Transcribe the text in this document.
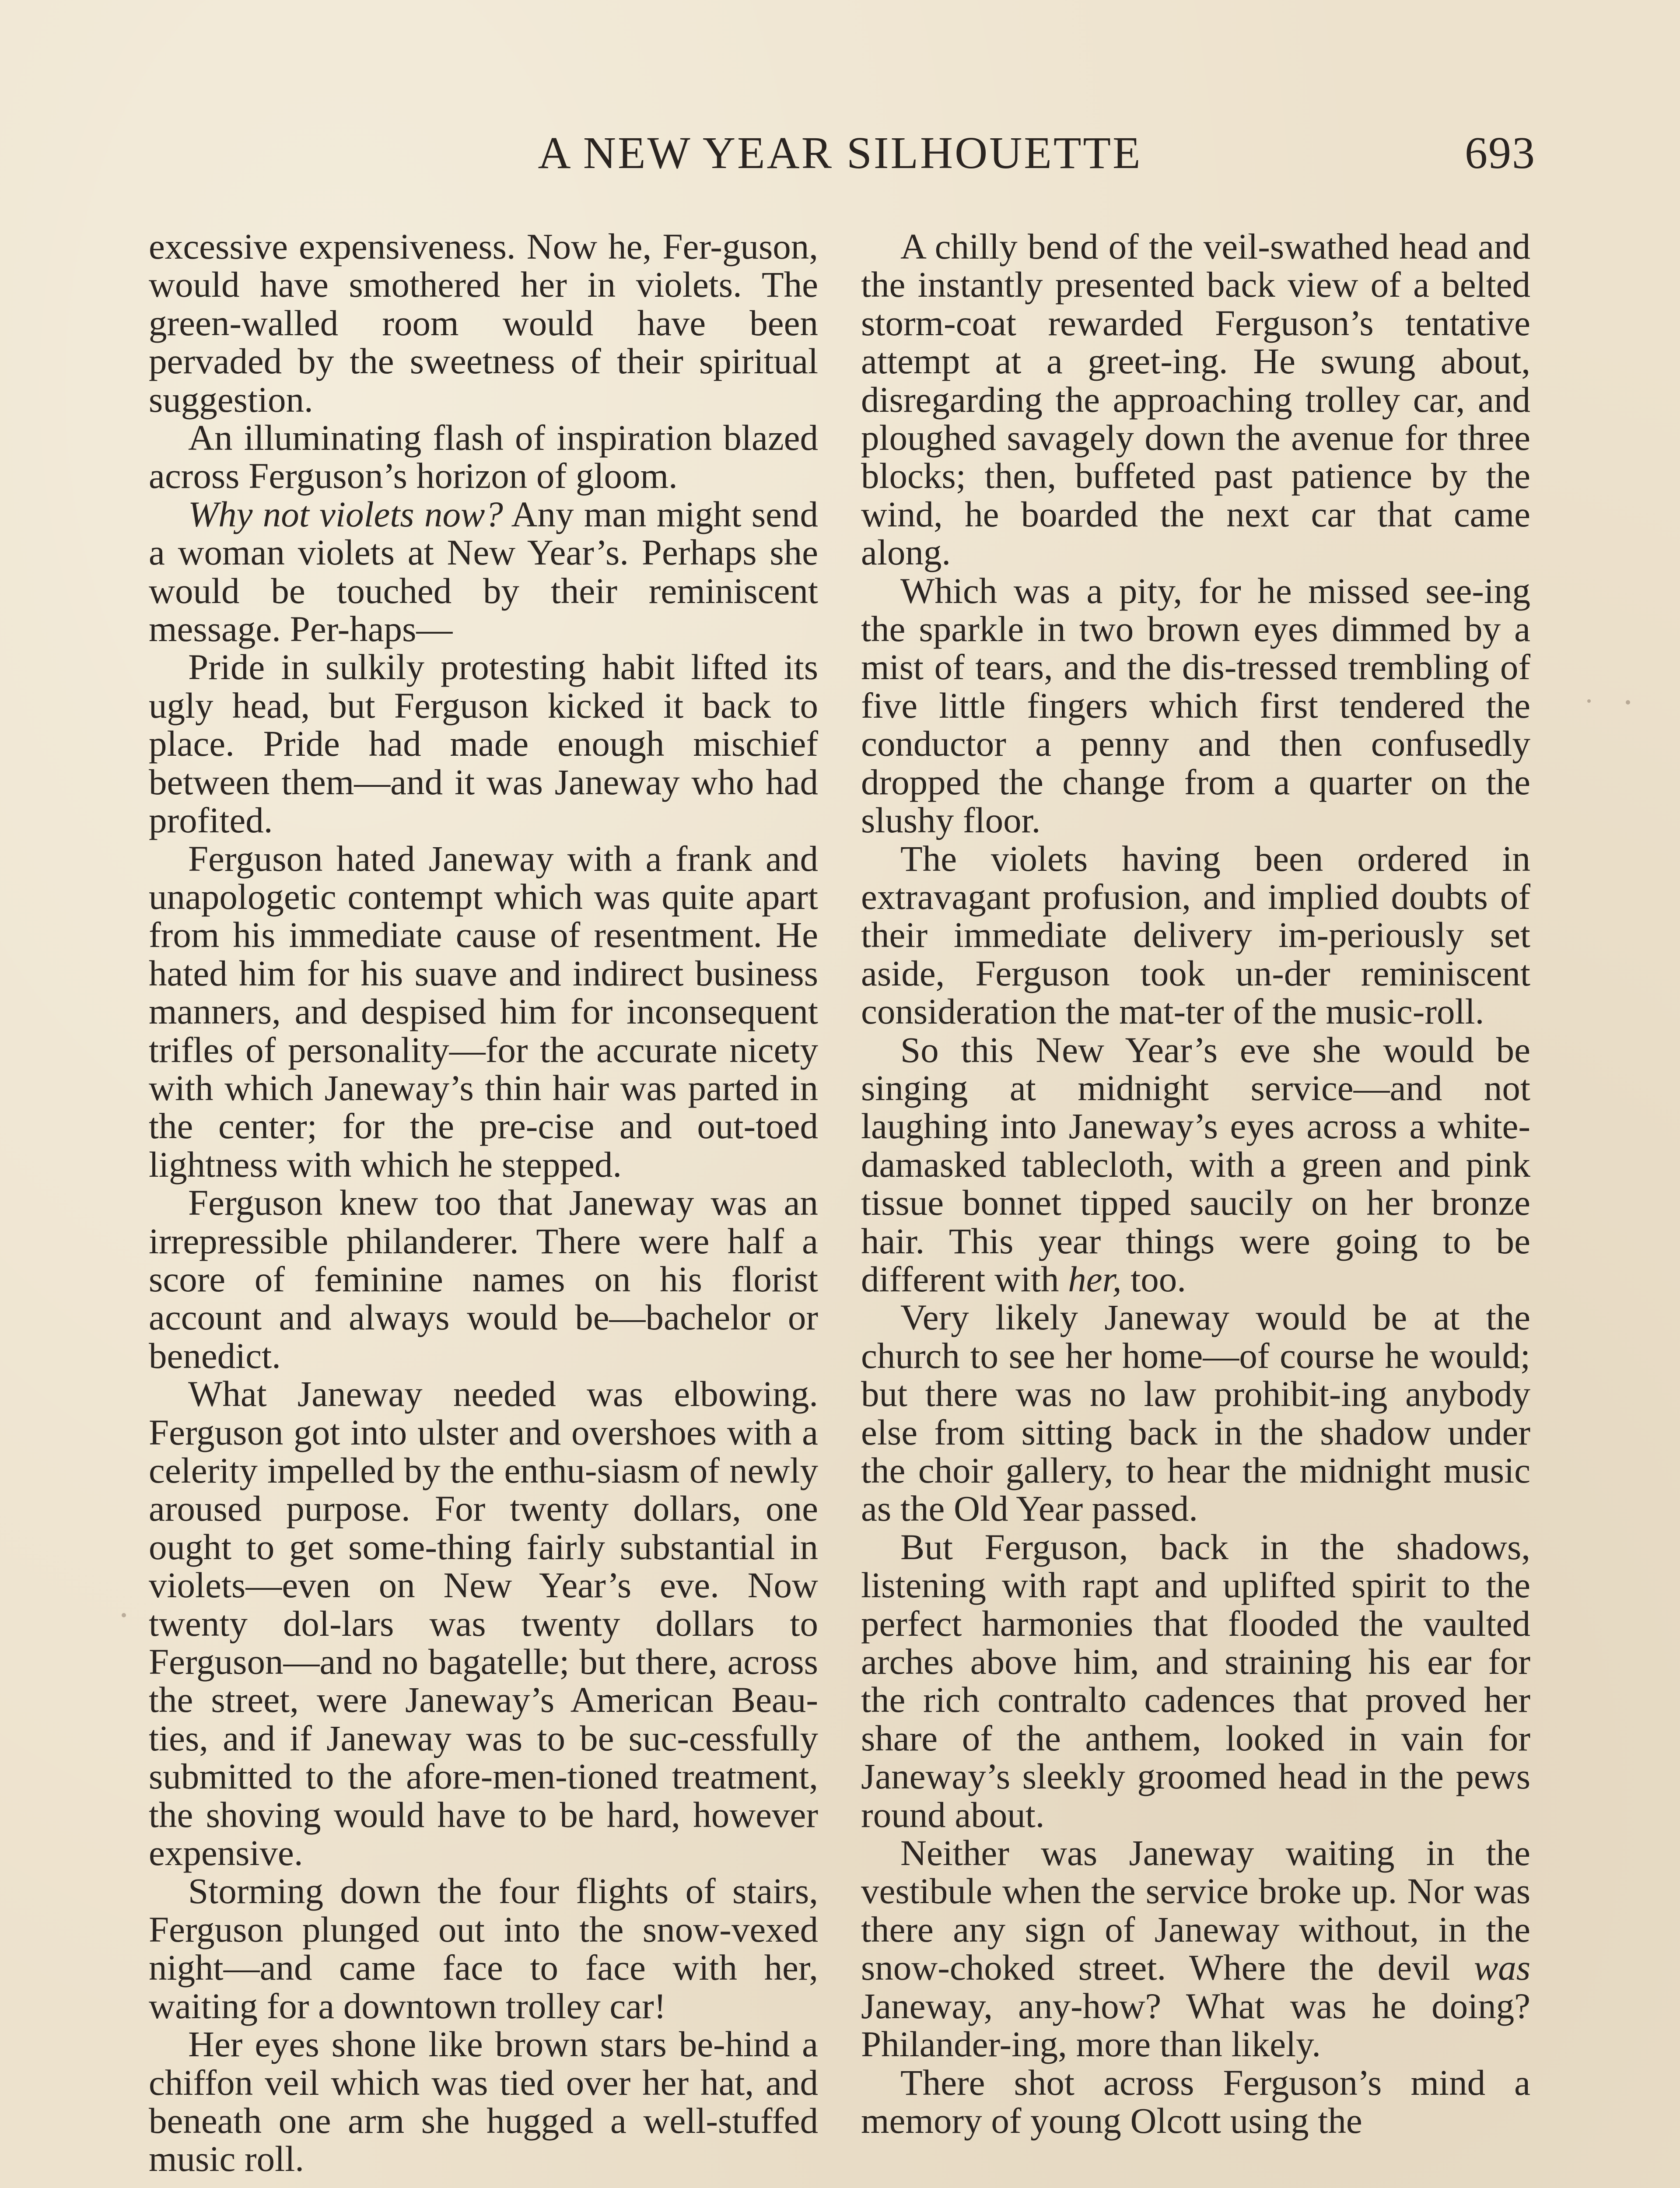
A NEW YEAR SILHOUETTE	693

excessive expensiveness. Now he, Fer-guson, would have smothered her in violets. The green-walled room would have been pervaded by the sweetness of their spiritual suggestion.

An illuminating flash of inspiration blazed across Ferguson’s horizon of gloom.

Why not violets now? Any man might send a woman violets at New Year’s. Perhaps she would be touched by their reminiscent message. Per-haps—

Pride in sulkily protesting habit lifted its ugly head, but Ferguson kicked it back to place. Pride had made enough mischief between them—and it was Janeway who had profited.

Ferguson hated Janeway with a frank and unapologetic contempt which was quite apart from his immediate cause of resentment. He hated him for his suave and indirect business manners, and despised him for inconsequent trifles of personality—for the accurate nicety with which Janeway’s thin hair was parted in the center; for the pre-cise and out-toed lightness with which he stepped.

Ferguson knew too that Janeway was an irrepressible philanderer. There were half a score of feminine names on his florist account and always would be—bachelor or benedict.

What Janeway needed was elbowing. Ferguson got into ulster and overshoes with a celerity impelled by the enthu-siasm of newly aroused purpose. For twenty dollars, one ought to get some-thing fairly substantial in violets—even on New Year’s eve. Now twenty dol-lars was twenty dollars to Ferguson—and no bagatelle; but there, across the street, were Janeway’s American Beau-ties, and if Janeway was to be suc-cessfully submitted to the afore-men-tioned treatment, the shoving would have to be hard, however expensive.

Storming down the four flights of stairs, Ferguson plunged out into the snow-vexed night—and came face to face with her, waiting for a downtown trolley car!

Her eyes shone like brown stars be-hind a chiffon veil which was tied over her hat, and beneath one arm she hugged a well-stuffed music roll.

A chilly bend of the veil-swathed head and the instantly presented back view of a belted storm-coat rewarded Ferguson’s tentative attempt at a greet-ing. He swung about, disregarding the approaching trolley car, and ploughed savagely down the avenue for three blocks; then, buffeted past patience by the wind, he boarded the next car that came along.

Which was a pity, for he missed see-ing the sparkle in two brown eyes dimmed by a mist of tears, and the dis-tressed trembling of five little fingers which first tendered the conductor a penny and then confusedly dropped the change from a quarter on the slushy floor.

The violets having been ordered in extravagant profusion, and implied doubts of their immediate delivery im-periously set aside, Ferguson took un-der reminiscent consideration the mat-ter of the music-roll.

So this New Year’s eve she would be singing at midnight service—and not laughing into Janeway’s eyes across a white-damasked tablecloth, with a green and pink tissue bonnet tipped saucily on her bronze hair. This year things were going to be different with her, too.

Very likely Janeway would be at the church to see her home—of course he would; but there was no law prohibit-ing anybody else from sitting back in the shadow under the choir gallery, to hear the midnight music as the Old Year passed.

But Ferguson, back in the shadows, listening with rapt and uplifted spirit to the perfect harmonies that flooded the vaulted arches above him, and straining his ear for the rich contralto cadences that proved her share of the anthem, looked in vain for Janeway’s sleekly groomed head in the pews round about.

Neither was Janeway waiting in the vestibule when the service broke up. Nor was there any sign of Janeway without, in the snow-choked street. Where the devil was Janeway, any-how? What was he doing? Philander-ing, more than likely.

There shot across Ferguson’s mind a memory of young Olcott using the
